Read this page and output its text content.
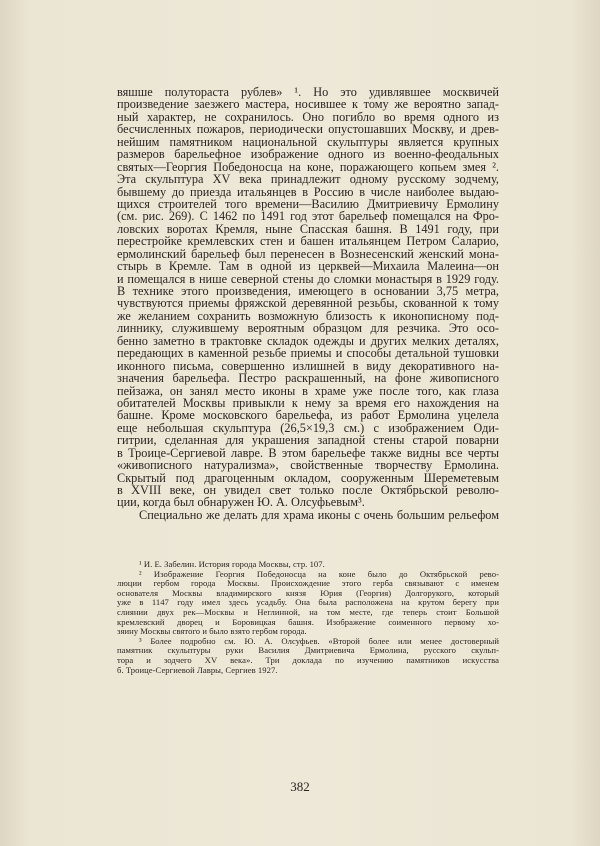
вяшше полуторaста рублев» ¹. Но это удивлявшее москвичей
произведение заезжего мастера, носившее к тому же вероятно запад-
ный характер, не сохранилось. Оно погибло во время одного из
бесчисленных пожаров, периодически опустошавших Москву, и древ-
нейшим памятником национальной скульптуры является крупных
размеров барельефное изображение одного из военно-феодальных
святых—Георгия Победоносца на коне, поражающего копьем змея ².
Эта скульптура XV века принадлежит одному русскому зодчему,
бывшему до приезда итальянцев в Россию в числе наиболее выдаю-
щихся строителей того времени—Василию Дмитриевичу Ермолину
(см. рис. 269). С 1462 по 1491 год этот барельеф помещался на Фро-
ловских воротах Кремля, ныне Спасская башня. В 1491 году, при
перестройке кремлевских стен и башен итальянцем Петром Саларио,
ермолинский барельеф был перенесен в Вознесенский женский мона-
стырь в Кремле. Там в одной из церквей—Михаила Малеина—он
и помещался в нише северной стены до сломки монастыря в 1929 году.
В технике этого произведения, имеющего в основании 3,75 метра,
чувствуются приемы фряжской деревянной резьбы, скованной к тому
же желанием сохранить возможную близость к иконописному под-
линнику, служившему вероятным образцом для резчика. Это осо-
бенно заметно в трактовке складок одежды и других мелких деталях,
передающих в каменной резьбе приемы и способы детальной тушовки
иконного письма, совершенно излишней в виду декоративного на-
значения барельефа. Пестро раскрашенный, на фоне живописного
пейзажа, он занял место иконы в храме уже после того, как глаза
обитателей Москвы привыкли к нему за время его нахождения на
башне. Кроме московского барельефа, из работ Ермолина уцелела
еще небольшая скульптура (26,5×19,3 см.) с изображением Оди-
гитрии, сделанная для украшения западной стены старой поварни
в Троице-Сергиевой лавре. В этом барельефе также видны все черты
«живописного натурализма», свойственные творчеству Ермолина.
Скрытый под драгоценным окладом, сооруженным Шереметевым
в XVIII веке, он увидел свет только после Октябрьской револю-
ции, когда был обнаружен Ю. А. Олсуфьевым³.
Специально же делать для храма иконы с очень большим рельефом
¹ И. Е. Забелин. История города Москвы, стр. 107.
² Изображение Георгия Победоносца на коне было до Октябрьской рево-
люции гербом города Москвы. Происхождение этого герба связывают с именем
основателя Москвы владимирского князя Юрия (Георгия) Долгорукого, который
уже в 1147 году имел здесь усадьбу. Она была расположена на крутом берегу при
слиянии двух рек—Москвы и Неглинной, на том месте, где теперь стоит Большой
кремлевский дворец и Боровицкая башня. Изображение соименного первому хо-
зяину Москвы святого и было взято гербом города.
³ Более подробно см. Ю. А. Олсуфьев. «Второй более или менее достоверный
памятник скульптуры руки Василия Дмитриевича Ермолина, русского скульп-
тора и зодчего XV века». Три доклада по изучению памятников искусства
б. Троице-Сергиевой Лавры, Сергиев 1927.
382
